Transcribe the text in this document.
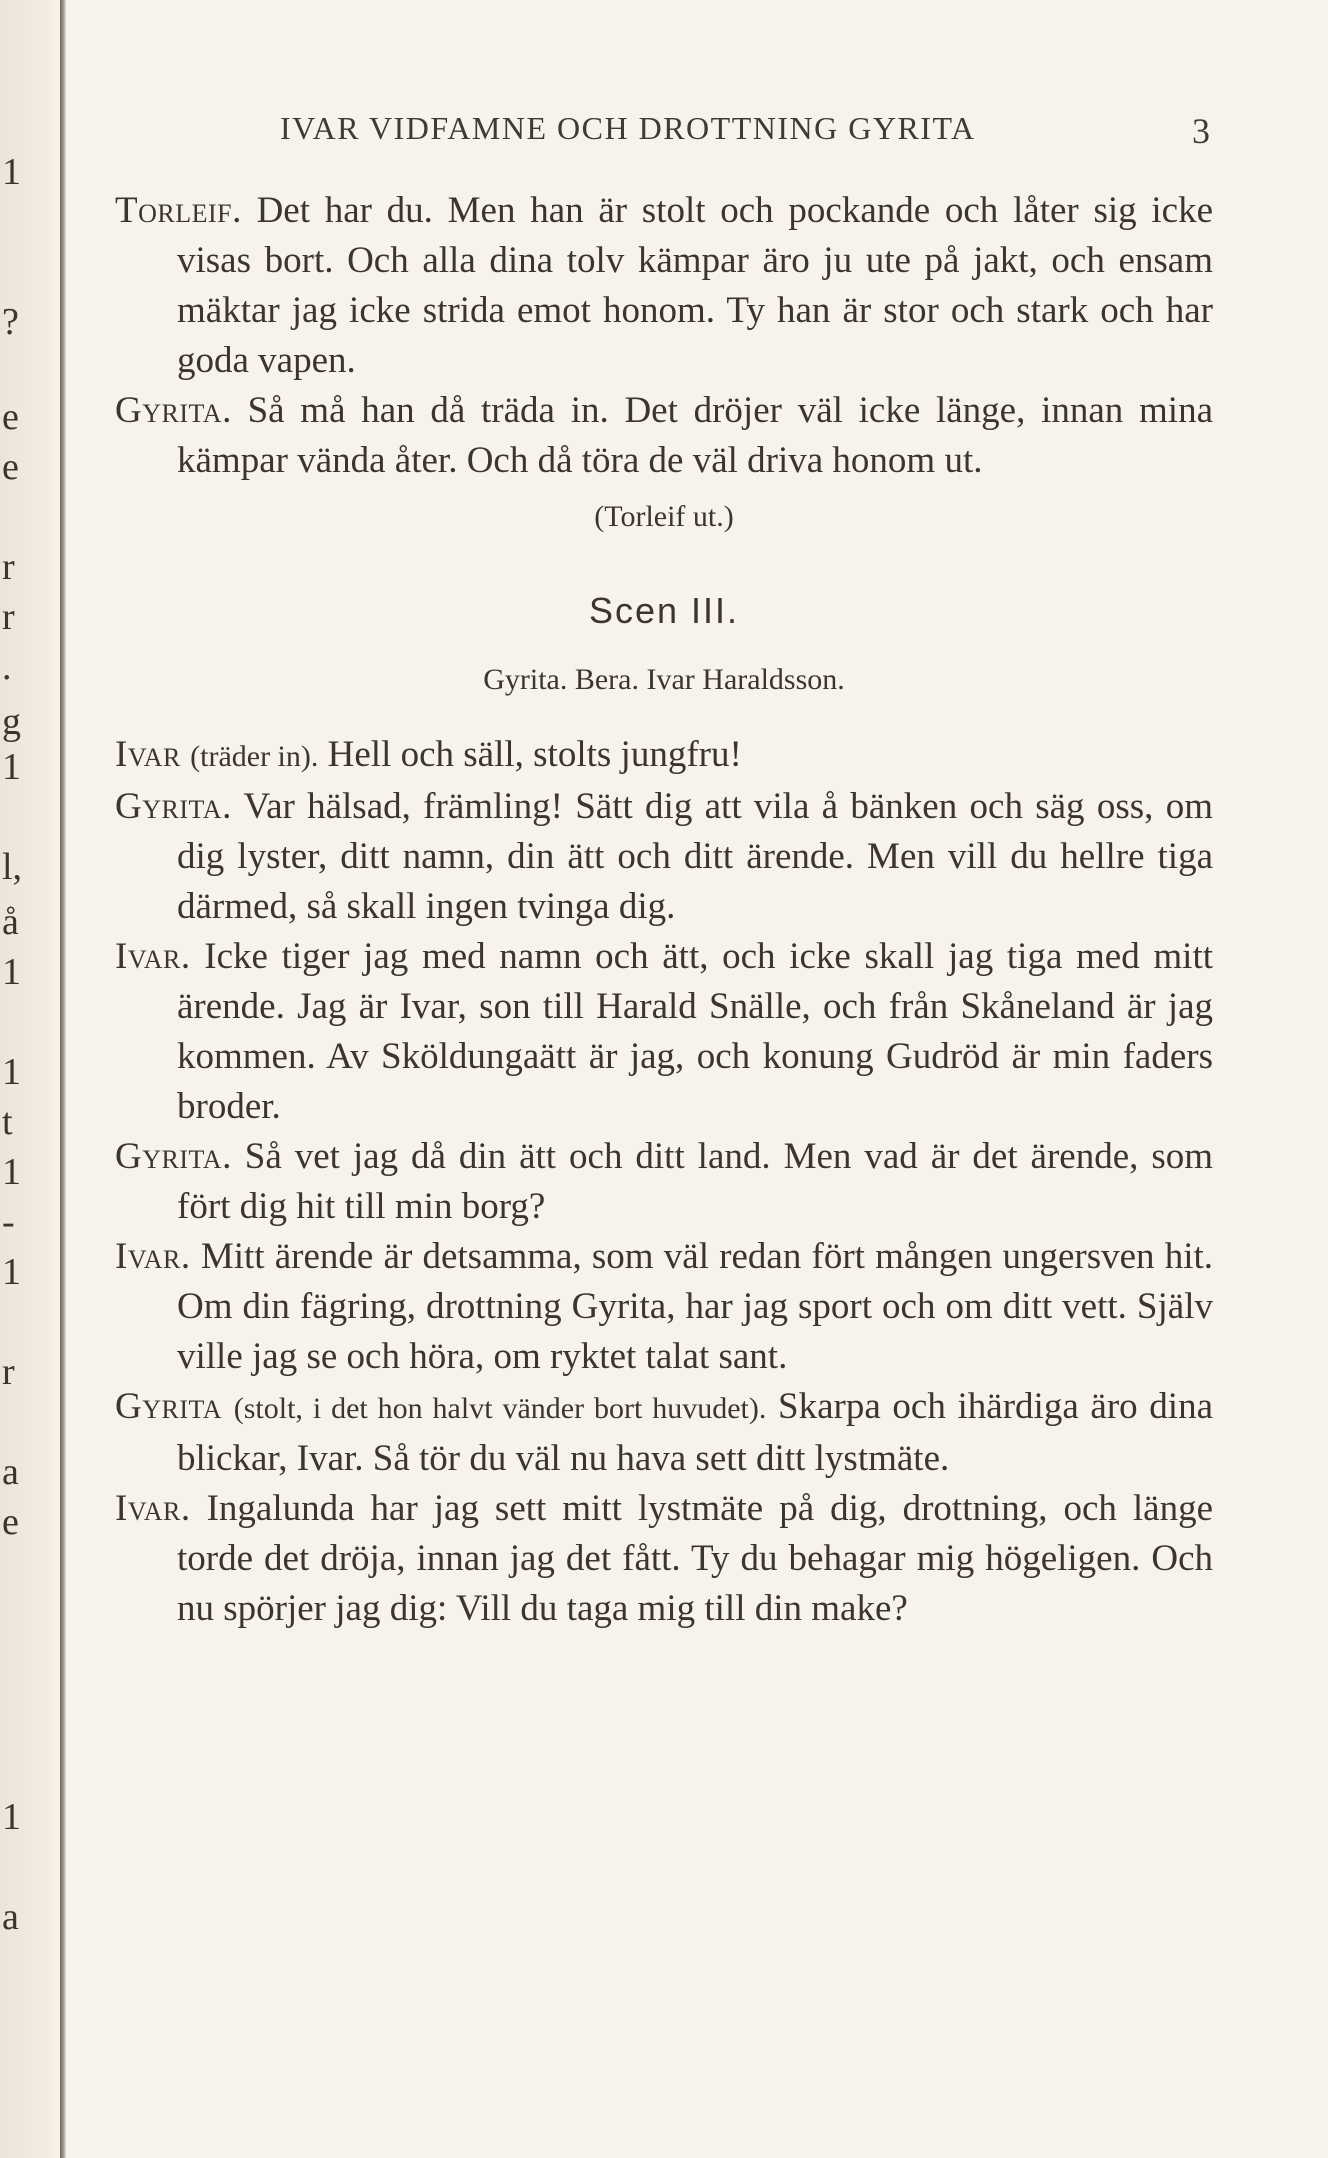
1
?
e
e
r
r
.
g
1
l,
å
1
1
t
1
-
1
r
a
e
1
a
IVAR VIDFAMNE OCH DROTTNING GYRITA	3

Torleif. Det har du. Men han är stolt och pockande och låter sig icke visas bort. Och alla dina tolv kämpar äro ju ute på jakt, och ensam mäktar jag icke strida emot honom. Ty han är stor och stark och har goda vapen.

Gyrita. Så må han då träda in. Det dröjer väl icke länge, innan mina kämpar vända åter. Och då töra de väl driva honom ut.

(Torleif ut.)

Scen III.

Gyrita. Bera. Ivar Haraldsson.

Ivar (träder in). Hell och säll, stolts jungfru!

Gyrita. Var hälsad, främling! Sätt dig att vila å bänken och säg oss, om dig lyster, ditt namn, din ätt och ditt ärende. Men vill du hellre tiga därmed, så skall ingen tvinga dig.

Ivar. Icke tiger jag med namn och ätt, och icke skall jag tiga med mitt ärende. Jag är Ivar, son till Harald Snälle, och från Skåneland är jag kommen. Av Sköldungaätt är jag, och konung Gudröd är min faders broder.

Gyrita. Så vet jag då din ätt och ditt land. Men vad är det ärende, som fört dig hit till min borg?

Ivar. Mitt ärende är detsamma, som väl redan fört mången ungersven hit. Om din fägring, drottning Gyrita, har jag sport och om ditt vett. Själv ville jag se och höra, om ryktet talat sant.

Gyrita (stolt, i det hon halvt vänder bort huvudet). Skarpa och ihärdiga äro dina blickar, Ivar. Så tör du väl nu hava sett ditt lystmäte.

Ivar. Ingalunda har jag sett mitt lystmäte på dig, drottning, och länge torde det dröja, innan jag det fått. Ty du behagar mig högeligen. Och nu spörjer jag dig: Vill du taga mig till din make?
